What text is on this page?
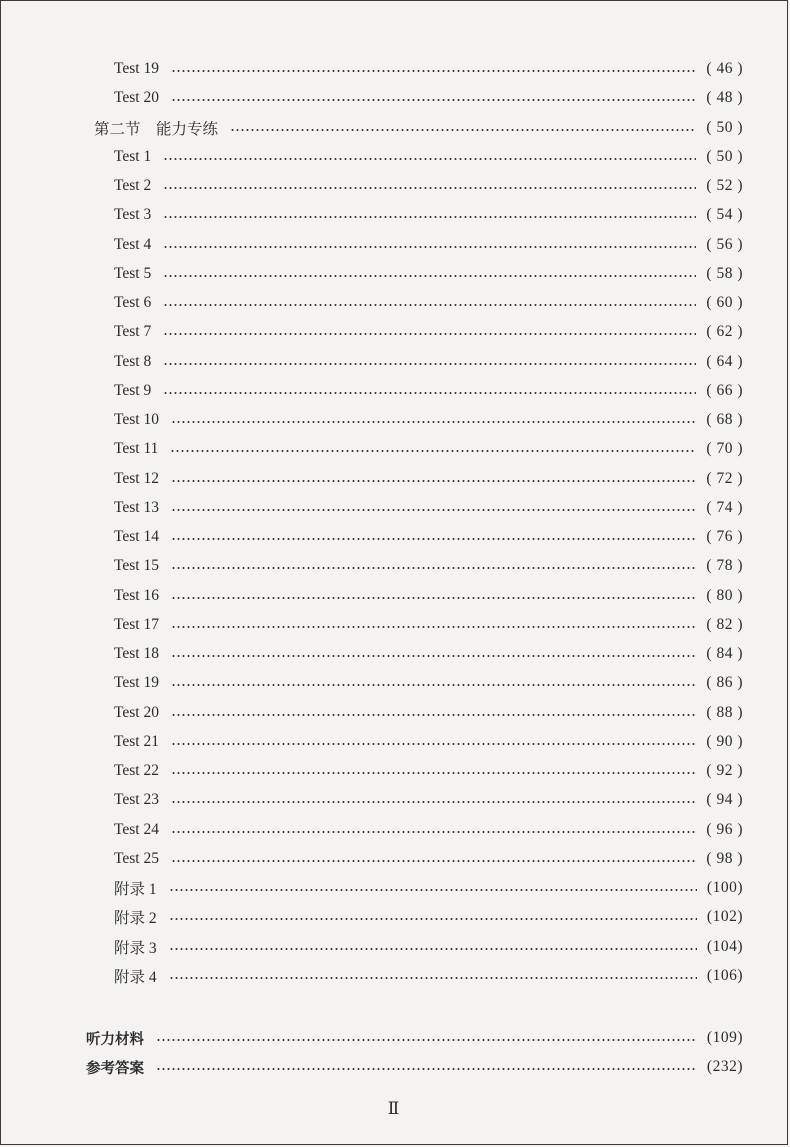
Test 19	( 46 )
Test 20	( 48 )
第二节　能力专练	( 50 )
Test 1	( 50 )
Test 2	( 52 )
Test 3	( 54 )
Test 4	( 56 )
Test 5	( 58 )
Test 6	( 60 )
Test 7	( 62 )
Test 8	( 64 )
Test 9	( 66 )
Test 10	( 68 )
Test 11	( 70 )
Test 12	( 72 )
Test 13	( 74 )
Test 14	( 76 )
Test 15	( 78 )
Test 16	( 80 )
Test 17	( 82 )
Test 18	( 84 )
Test 19	( 86 )
Test 20	( 88 )
Test 21	( 90 )
Test 22	( 92 )
Test 23	( 94 )
Test 24	( 96 )
Test 25	( 98 )
附录 1	(100)
附录 2	(102)
附录 3	(104)
附录 4	(106)
听力材料	(109)
参考答案	(232)
Ⅱ
